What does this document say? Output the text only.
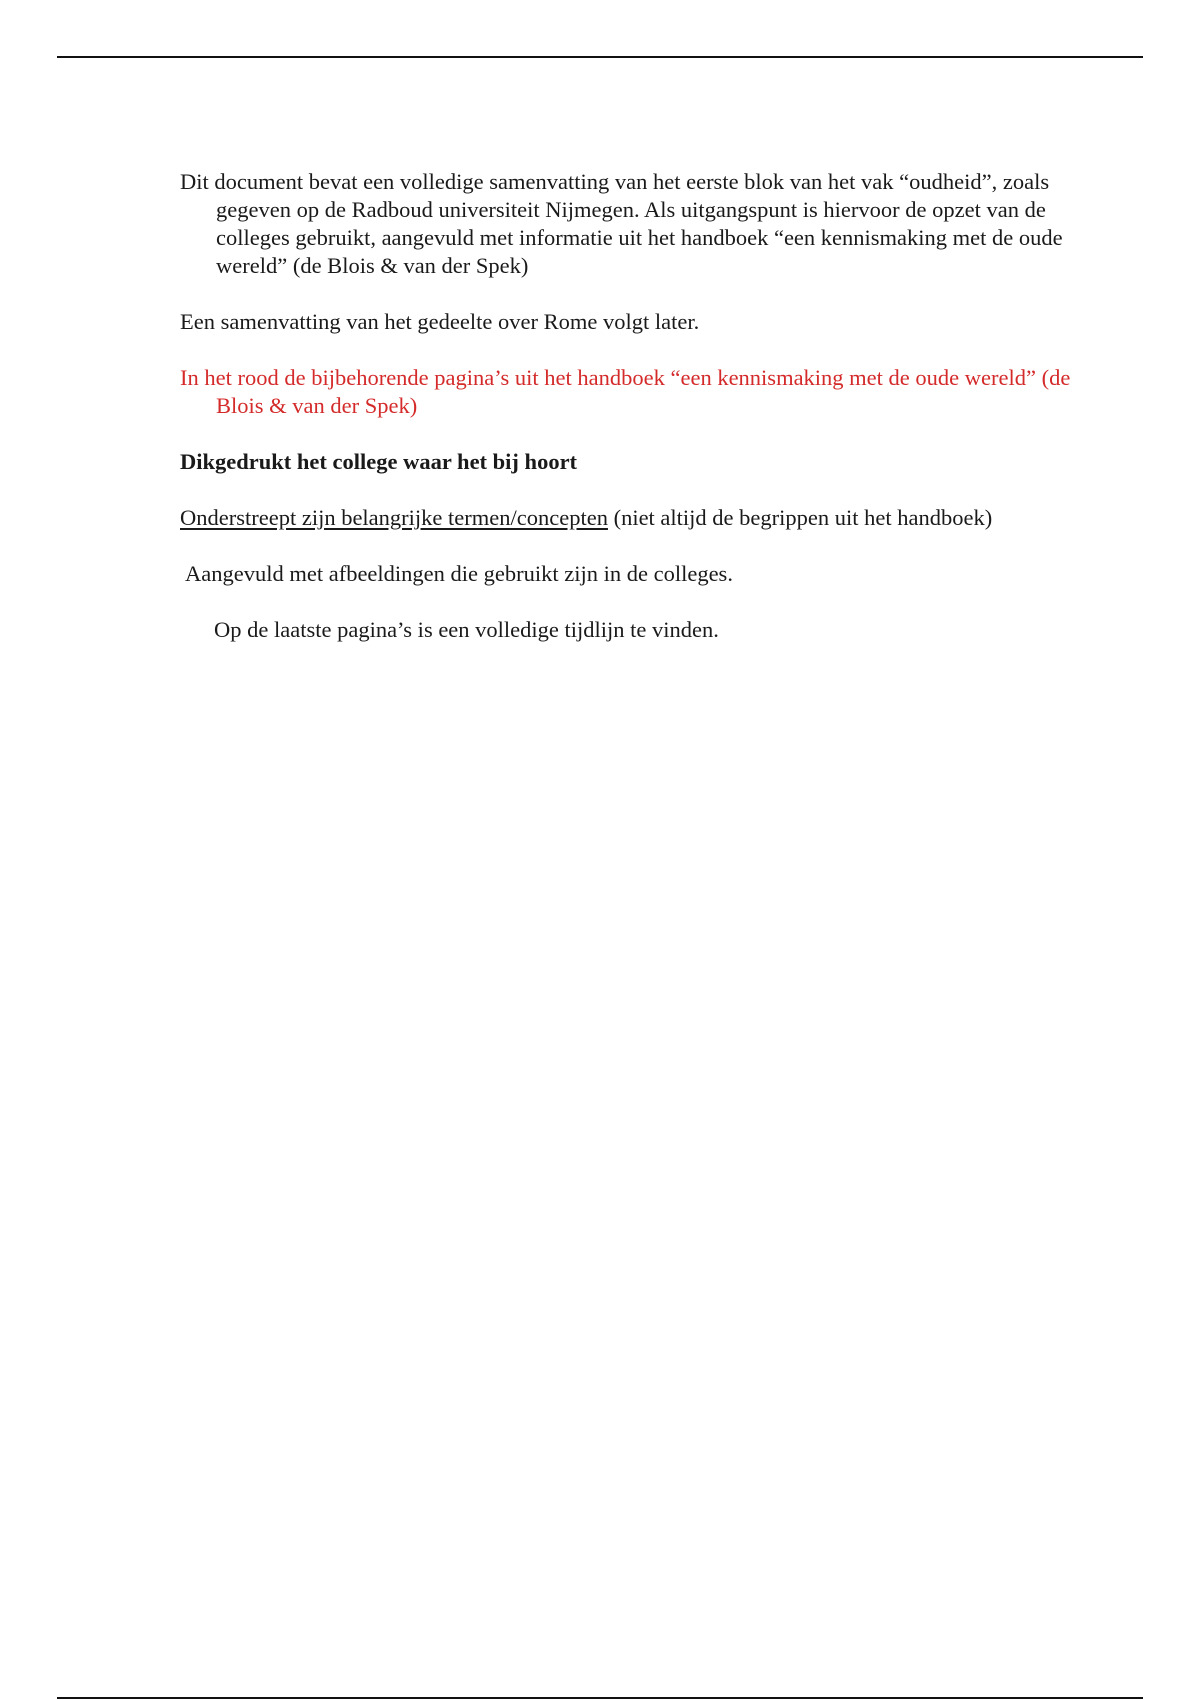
Dit document bevat een volledige samenvatting van het eerste blok van het vak “oudheid”, zoals gegeven op de Radboud universiteit Nijmegen. Als uitgangspunt is hiervoor de opzet van de colleges gebruikt, aangevuld met informatie uit het handboek “een kennismaking met de oude wereld” (de Blois & van der Spek)

Een samenvatting van het gedeelte over Rome volgt later.

In het rood de bijbehorende pagina’s uit het handboek “een kennismaking met de oude wereld” (de Blois & van der Spek)

Dikgedrukt het college waar het bij hoort

Onderstreept zijn belangrijke termen/concepten (niet altijd de begrippen uit het handboek)

Aangevuld met afbeeldingen die gebruikt zijn in de colleges.

Op de laatste pagina’s is een volledige tijdlijn te vinden.
